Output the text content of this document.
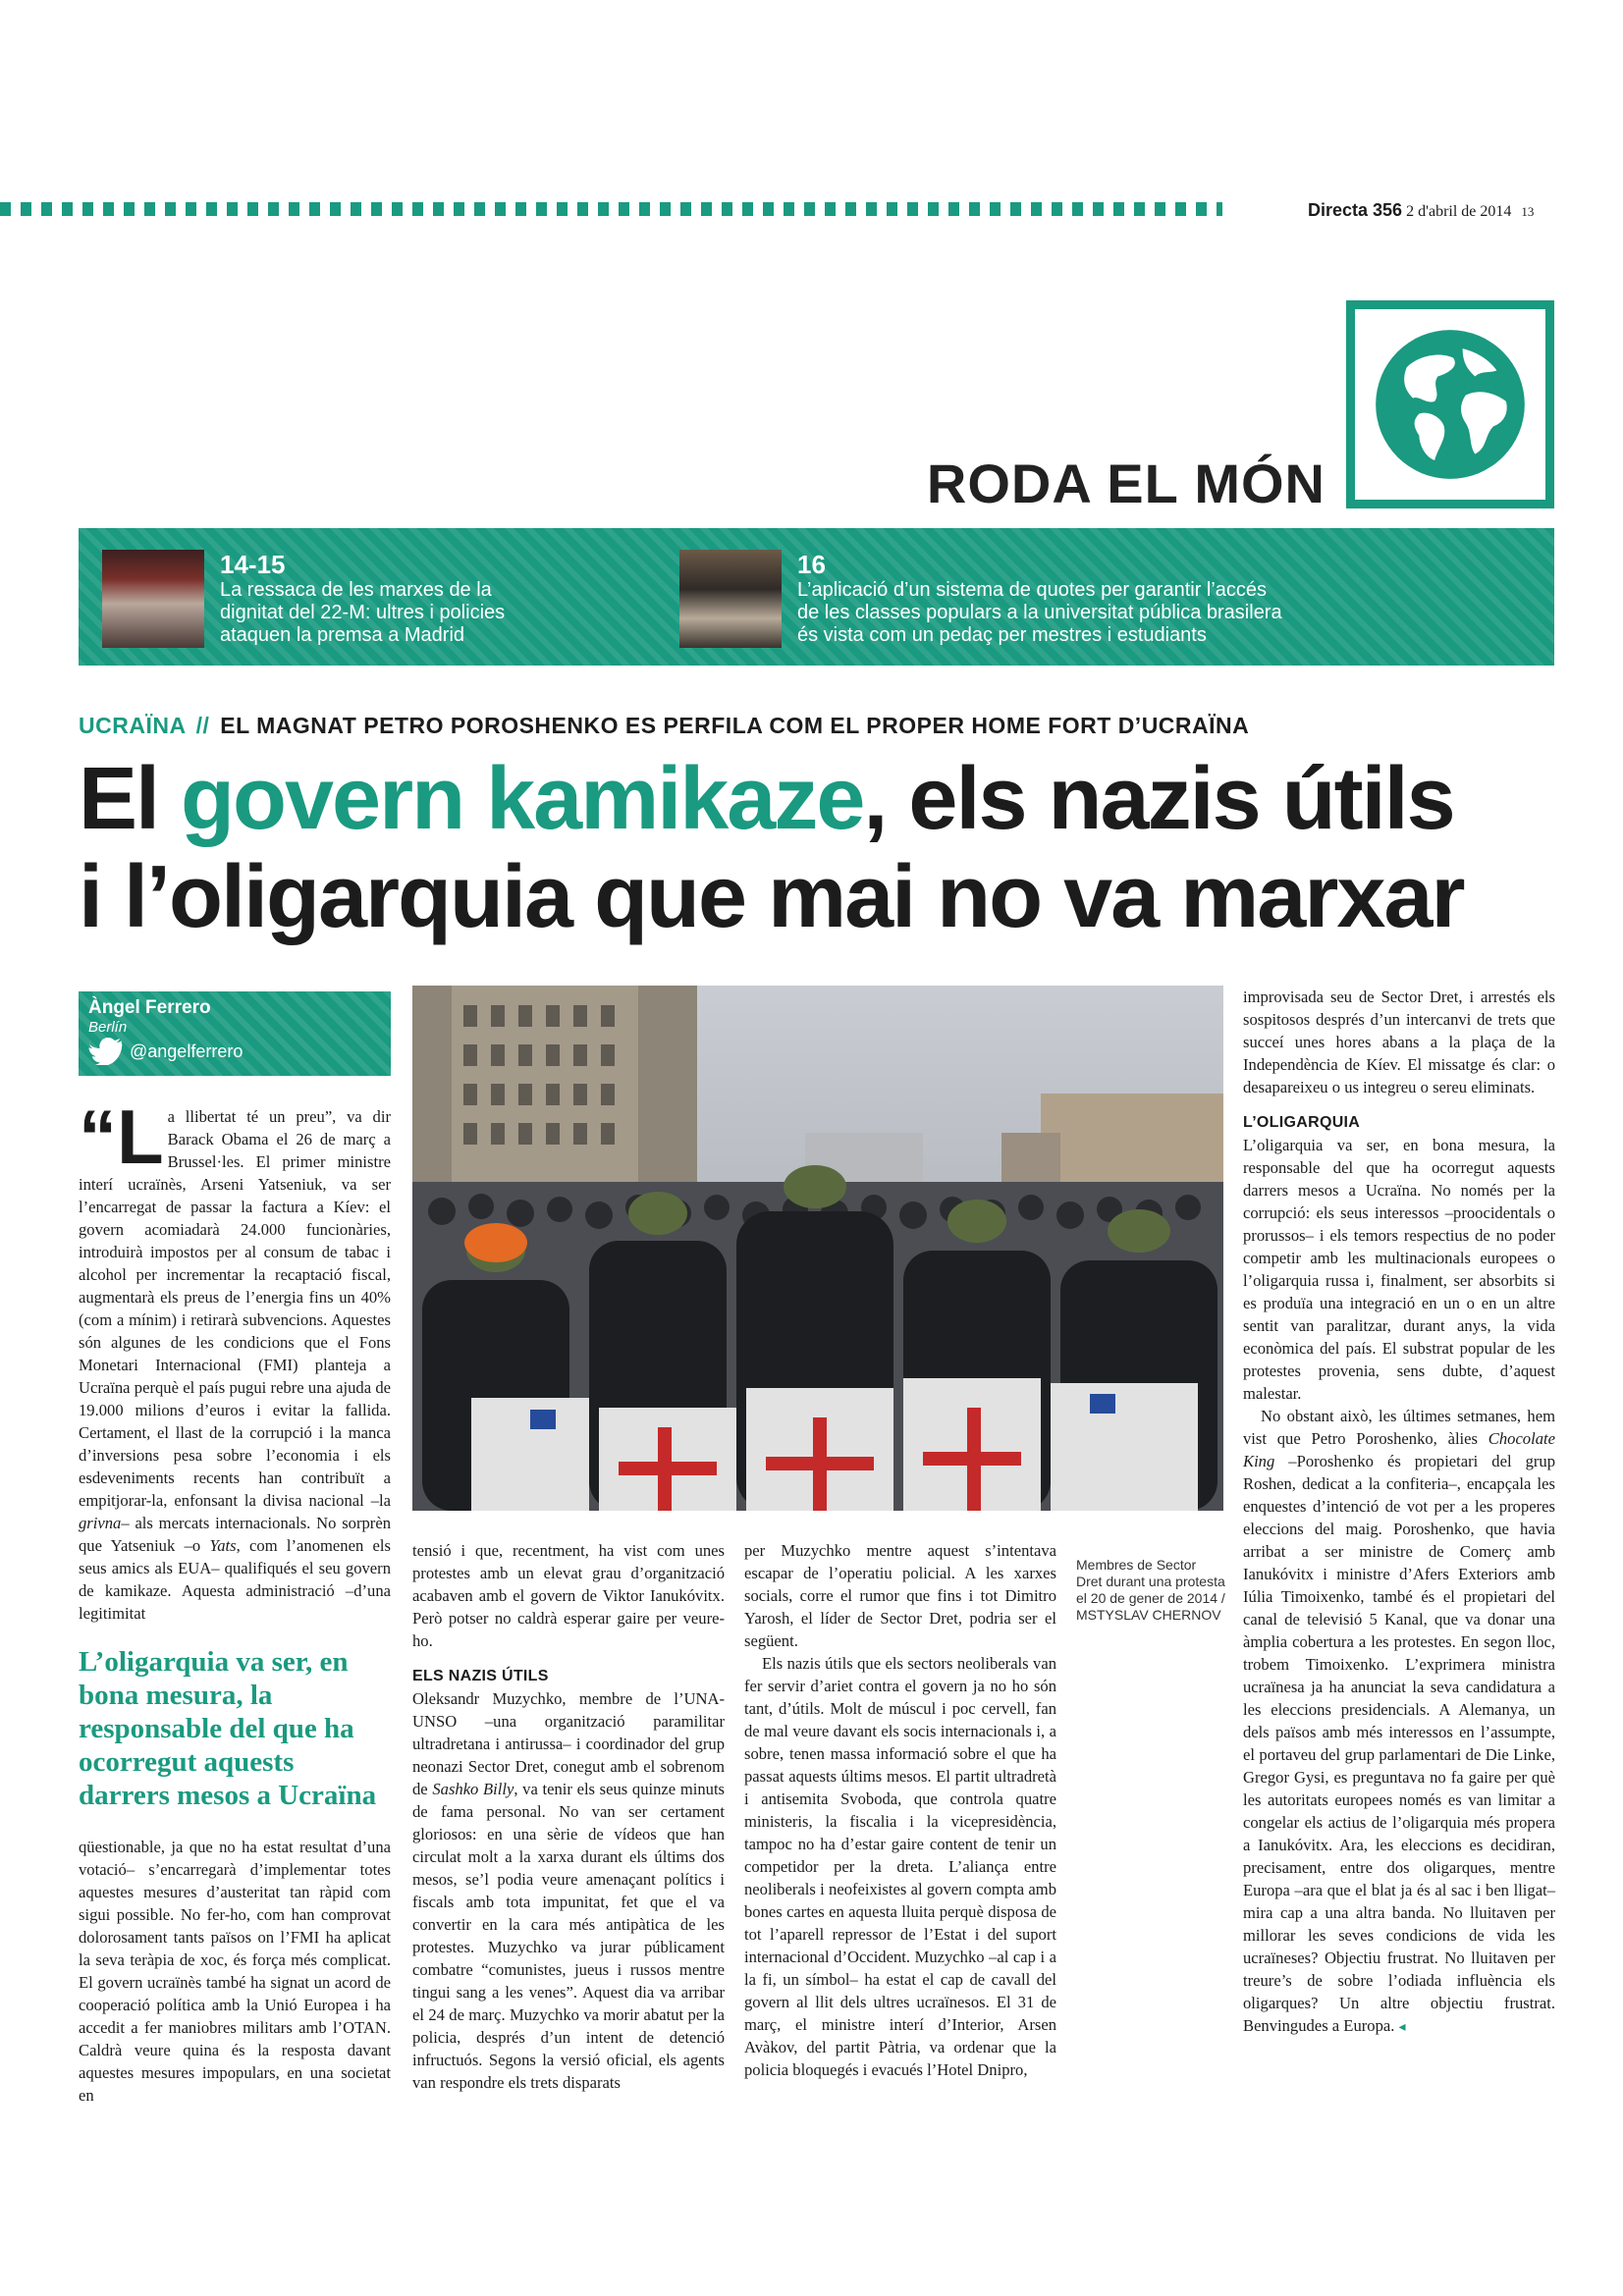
Directa 356 2 d'abril de 2014 13
RODA EL MÓN
14-15
La ressaca de les marxes de la
dignitat del 22-M: ultres i policies
ataquen la premsa a Madrid
16
L’aplicació d’un sistema de quotes per garantir l’accés
de les classes populars a la universitat pública brasilera
és vista com un pedaç per mestres i estudiants
UCRAÏNA // EL MAGNAT PETRO POROSHENKO ES PERFILA COM EL PROPER HOME FORT D’UCRAÏNA
El govern kamikaze, els nazis útils
i l’oligarquia que mai no va marxar
Àngel Ferrero
Berlín
@angelferrero

“La llibertat té un preu”, va dir Barack Obama el 26 de març a Brussel·les. El primer ministre interí ucraïnès, Arseni Yatseniuk, va ser l’encarregat de passar la factura a Kíev: el govern acomiadarà 24.000 funcionàries, introduirà impostos per al consum de tabac i alcohol per incrementar la recaptació fiscal, augmentarà els preus de l’energia fins un 40% (com a mínim) i retirarà subvencions. Aquestes són algunes de les condicions que el Fons Monetari Internacional (FMI) planteja a Ucraïna perquè el país pugui rebre una ajuda de 19.000 milions d’euros i evitar la fallida. Certament, el llast de la corrupció i la manca d’inversions pesa sobre l’economia i els esdeveniments recents han contribuït a empitjorar-la, enfonsant la divisa nacional –la grivna– als mercats internacionals. No sorprèn que Yatseniuk –o Yats, com l’anomenen els seus amics als EUA– qualifiqués el seu govern de kamikaze. Aquesta administració –d’una legitimitat

L’oligarquia va ser, en bona mesura, la responsable del que ha ocorregut aquests darrers mesos a Ucraïna

qüestionable, ja que no ha estat resultat d’una votació– s’encarregarà d’implementar totes aquestes mesures d’austeritat tan ràpid com sigui possible. No fer-ho, com han comprovat dolorosament tants països on l’FMI ha aplicat la seva teràpia de xoc, és força més complicat. El govern ucraïnès també ha signat un acord de cooperació política amb la Unió Europea i ha accedit a fer maniobres militars amb l’OTAN. Caldrà veure quina és la resposta davant aquestes mesures impopulars, en una societat en

Membres de Sector Dret durant una protesta el 20 de gener de 2014 / MSTYSLAV CHERNOV

tensió i que, recentment, ha vist com unes protestes amb un elevat grau d’organització acabaven amb el govern de Viktor Ianukóvitx. Però potser no caldrà esperar gaire per veure-ho.

ELS NAZIS ÚTILS

Oleksandr Muzychko, membre de l’UNA-UNSO –una organització paramilitar ultradretana i antirussa– i coordinador del grup neonazi Sector Dret, conegut amb el sobrenom de Sashko Billy, va tenir els seus quinze minuts de fama personal. No van ser certament gloriosos: en una sèrie de vídeos que han circulat molt a la xarxa durant els últims dos mesos, se’l podia veure amenaçant polítics i fiscals amb tota impunitat, fet que el va convertir en la cara més antipàtica de les protestes. Muzychko va jurar públicament combatre “comunistes, jueus i russos mentre tingui sang a les venes”. Aquest dia va arribar el 24 de març. Muzychko va morir abatut per la policia, després d’un intent de detenció infructuós. Segons la versió oficial, els agents van respondre els trets disparats

per Muzychko mentre aquest s’intentava escapar de l’operatiu policial. A les xarxes socials, corre el rumor que fins i tot Dimitro Yarosh, el líder de Sector Dret, podria ser el següent.

Els nazis útils que els sectors neoliberals van fer servir d’ariet contra el govern ja no ho són tant, d’útils. Molt de múscul i poc cervell, fan de mal veure davant els socis internacionals i, a sobre, tenen massa informació sobre el que ha passat aquests últims mesos. El partit ultradretà i antisemita Svoboda, que controla quatre ministeris, la fiscalia i la vicepresidència, tampoc no ha d’estar gaire content de tenir un competidor per la dreta. L’aliança entre neoliberals i neofeixistes al govern compta amb bones cartes en aquesta lluita perquè disposa de tot l’aparell repressor de l’Estat i del suport internacional d’Occident. Muzychko –al cap i a la fi, un símbol– ha estat el cap de cavall del govern al llit dels ultres ucraïnesos. El 31 de març, el ministre interí d’Interior, Arsen Avàkov, del partit Pàtria, va ordenar que la policia bloquegés i evacués l’Hotel Dnipro,

improvisada seu de Sector Dret, i arrestés els sospitosos després d’un intercanvi de trets que succeí unes hores abans a la plaça de la Independència de Kíev. El missatge és clar: o desapareixeu o us integreu o sereu eliminats.

L’OLIGARQUIA

L’oligarquia va ser, en bona mesura, la responsable del que ha ocorregut aquests darrers mesos a Ucraïna. No només per la corrupció: els seus interessos –proocidentals o prorussos– i els temors respectius de no poder competir amb les multinacionals europees o l’oligarquia russa i, finalment, ser absorbits si es produïa una integració en un o en un altre sentit van paralitzar, durant anys, la vida econòmica del país. El substrat popular de les protestes provenia, sens dubte, d’aquest malestar.

No obstant això, les últimes setmanes, hem vist que Petro Poroshenko, àlies Chocolate King –Poroshenko és propietari del grup Roshen, dedicat a la confiteria–, encapçala les enquestes d’intenció de vot per a les properes eleccions del maig. Poroshenko, que havia arribat a ser ministre de Comerç amb Ianukóvitx i ministre d’Afers Exteriors amb Iúlia Timoixenko, també és el propietari del canal de televisió 5 Kanal, que va donar una àmplia cobertura a les protestes. En segon lloc, trobem Timoixenko. L’exprimera ministra ucraïnesa ja ha anunciat la seva candidatura a les eleccions presidencials. A Alemanya, un dels països amb més interessos en l’assumpte, el portaveu del grup parlamentari de Die Linke, Gregor Gysi, es preguntava no fa gaire per què les autoritats europees només es van limitar a congelar els actius de l’oligarquia més propera a Ianukóvitx. Ara, les eleccions es decidiran, precisament, entre dos oligarques, mentre Europa –ara que el blat ja és al sac i ben lligat– mira cap a una altra banda. No lluitaven per millorar les seves condicions de vida les ucraïneses? Objectiu frustrat. No lluitaven per treure’s de sobre l’odiada influència els oligarques? Un altre objectiu frustrat. Benvingudes a Europa. ◂
